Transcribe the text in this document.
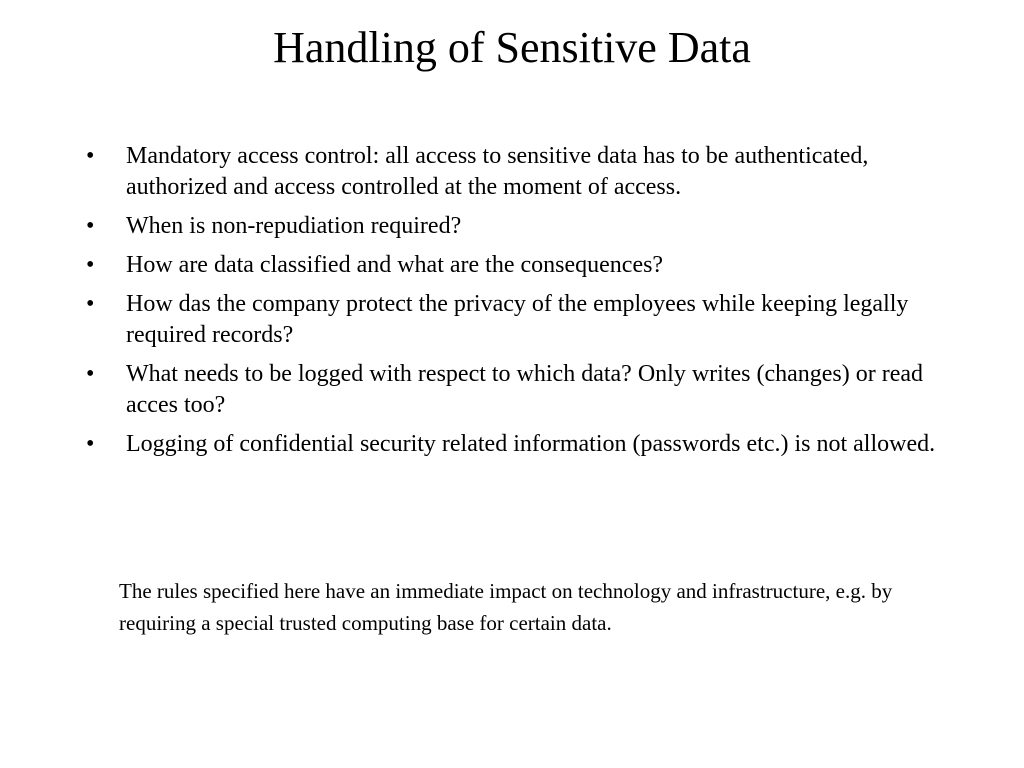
Handling of Sensitive Data
•	Mandatory access control: all access to sensitive data has to be authenticated, authorized and access controlled at the moment of access.
•	When is non-repudiation required?
•	How are data classified and what are the consequences?
•	How das the company protect the privacy of the employees while keeping legally required records?
•	What needs to be logged with respect to which data? Only writes (changes) or read acces too?
•	Logging of confidential security related information (passwords etc.) is not allowed.

The rules specified here have an immediate impact on technology and infrastructure, e.g. by requiring a special trusted computing base for certain data.
